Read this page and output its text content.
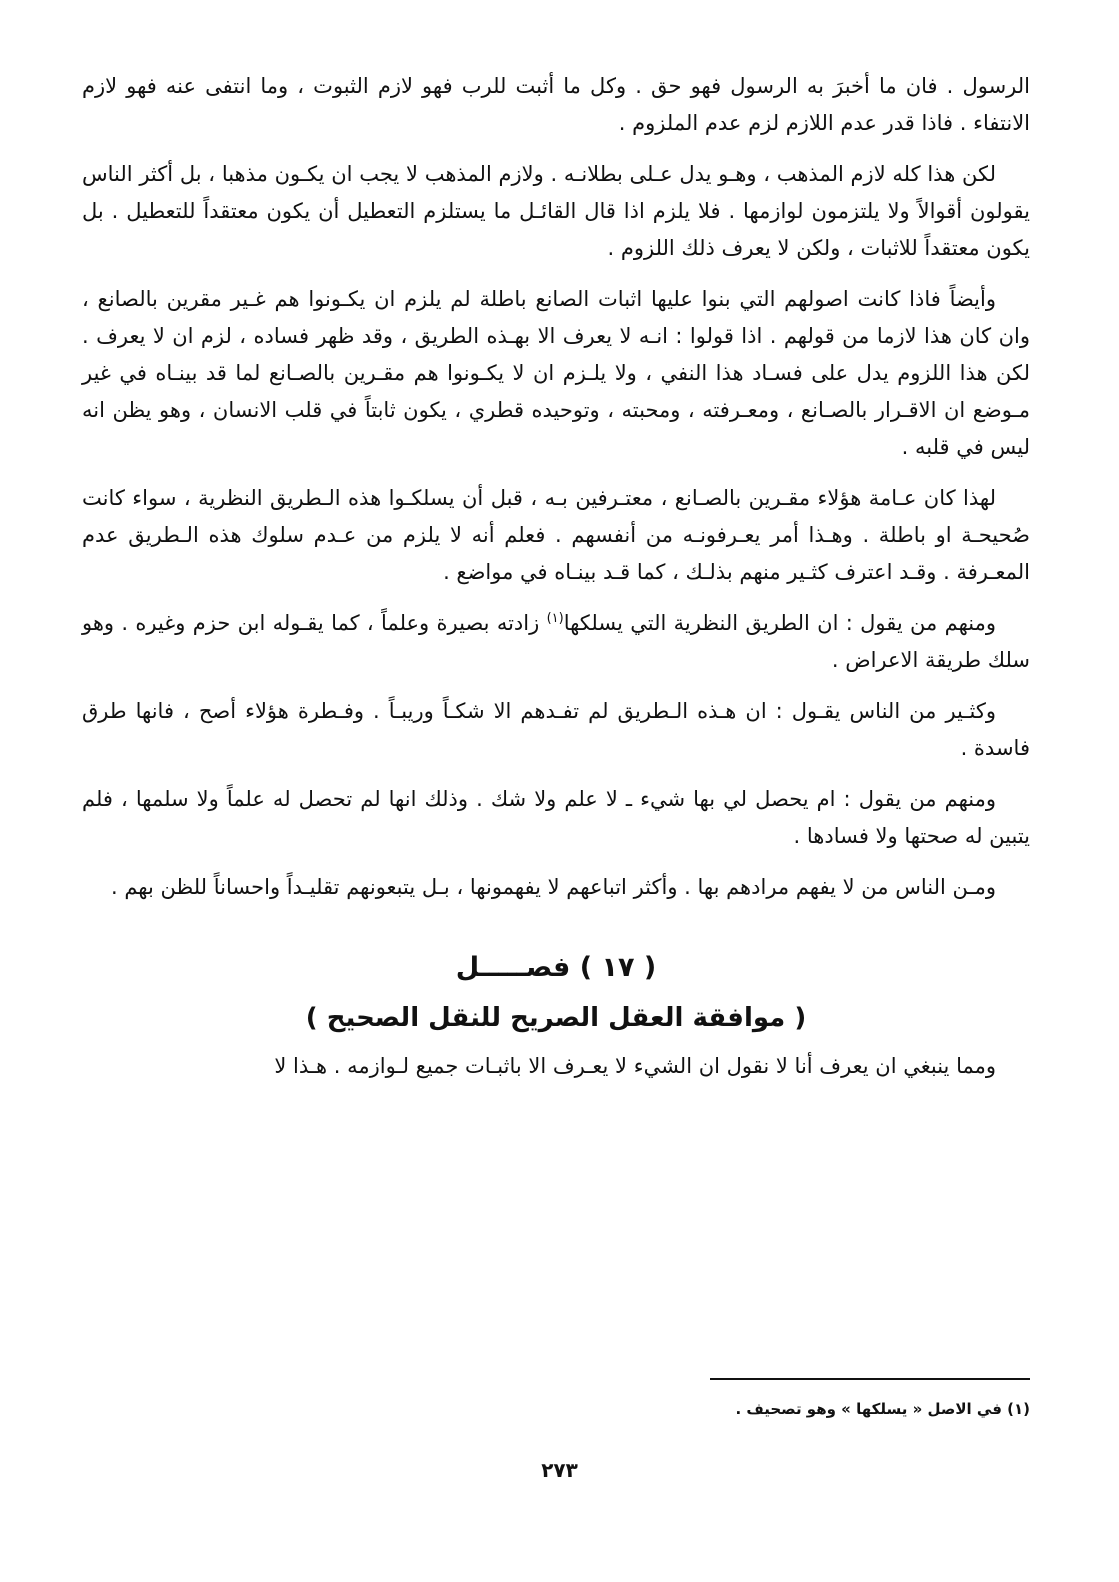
الرسول . فان ما أخبرَ به الرسول فهو حق . وكل ما أثبت للرب فهو لازم الثبوت ، وما انتفى عنه فهو لازم الانتفاء . فاذا قدر عدم اللازم لزم عدم الملزوم .

لكن هذا كله لازم المذهب ، وهـو يدل عـلى بطلانـه . ولازم المذهب لا يجب ان يكـون مذهبا ، بل أكثر الناس يقولون أقوالاً ولا يلتزمون لوازمها . فلا يلزم اذا قال القائـل ما يستلزم التعطيل أن يكون معتقداً للتعطيل . بل يكون معتقداً للاثبات ، ولكن لا يعرف ذلك اللزوم .

وأيضاً فاذا كانت اصولهم التي بنوا عليها اثبات الصانع باطلة لم يلزم ان يكـونوا هم غـير مقرين بالصانع ، وان كان هذا لازما من قولهم . اذا قولوا : انـه لا يعرف الا بهـذه الطريق ، وقد ظهر فساده ، لزم ان لا يعرف . لكن هذا اللزوم يدل على فسـاد هذا النفي ، ولا يلـزم ان لا يكـونوا هم مقـرين بالصـانع لما قد بينـاه في غير مـوضع ان الاقـرار بالصـانع ، ومعـرفته ، ومحبته ، وتوحيده قطري ، يكون ثابتاً في قلب الانسان ، وهو يظن انه ليس في قلبه .

لهذا كان عـامة هؤلاء مقـرين بالصـانع ، معتـرفين بـه ، قبل أن يسلكـوا هذه الـطريق النظرية ، سواء كانت صُحيحـة او باطلة . وهـذا أمر يعـرفونـه من أنفسهم . فعلم أنه لا يلزم من عـدم سلوك هذه الـطريق عدم المعـرفة . وقـد اعترف كثـير منهم بذلـك ، كما قـد بينـاه في مواضع .

ومنهم من يقول : ان الطريق النظرية التي يسلكها$^{(١)}$ زادته بصيرة وعلماً ، كما يقـوله ابن حزم وغيره . وهو سلك طريقة الاعراض .

وكثـير من الناس يقـول : ان هـذه الـطريق لم تفـدهم الا شكـاً وريبـاً . وفـطرة هؤلاء أصح ، فانها طرق فاسدة .

ومنهم من يقول : ام يحصل لي بها شيء ـ لا علم ولا شك . وذلك انها لم تحصل له علماً ولا سلمها ، فلم يتبين له صحتها ولا فسادها .

ومـن الناس من لا يفهم مرادهم بها . وأكثر اتباعهم لا يفهمونها ، بـل يتبعونهم تقليـداً واحساناً للظن بهم .

( ١٧ ) فصـــــل
( موافقة العقل الصريح للنقل الصحيح )

ومما ينبغي ان يعرف أنا لا نقول ان الشيء لا يعـرف الا باثبـات جميع لـوازمه . هـذا لا

(١) في الاصل « يسلكها » وهو تصحيف .
٢٧٣
